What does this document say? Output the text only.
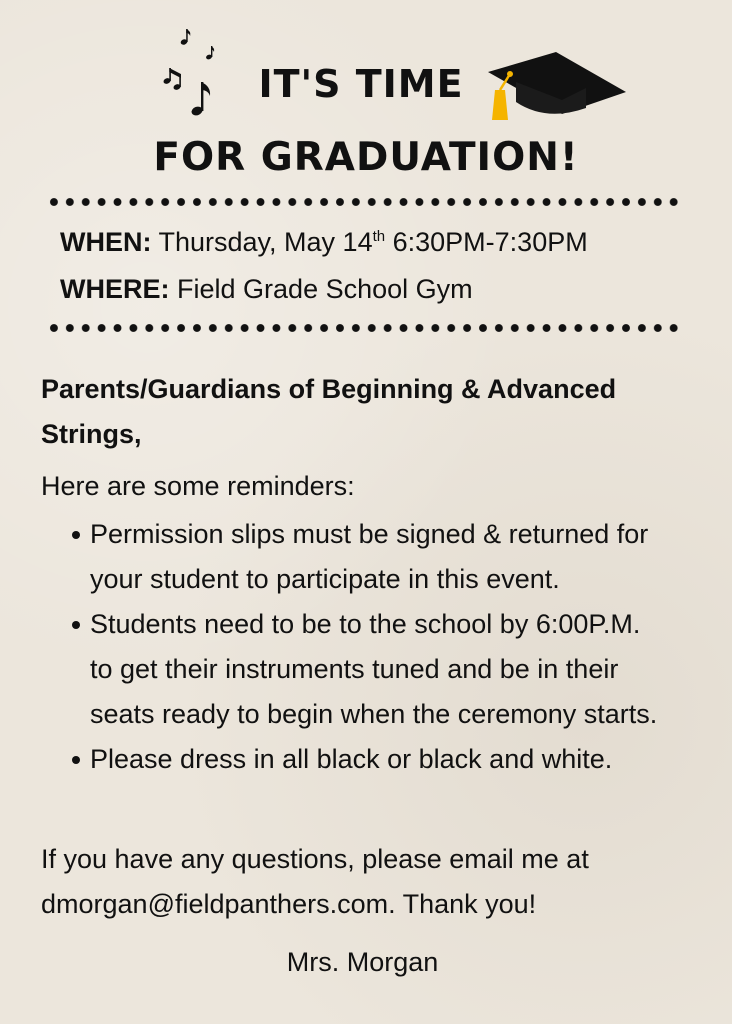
IT'S TIME
FOR GRADUATION!
WHEN: Thursday, May 14th 6:30PM-7:30PM
WHERE: Field Grade School Gym
Parents/Guardians of Beginning & Advanced Strings,
Here are some reminders:
Permission slips must be signed & returned for your student to participate in this event.
Students need to be to the school by 6:00P.M. to get their instruments tuned and be in their seats ready to begin when the ceremony starts.
Please dress in all black or black and white.
If you have any questions, please email me at dmorgan@fieldpanthers.com. Thank you!
Mrs. Morgan
